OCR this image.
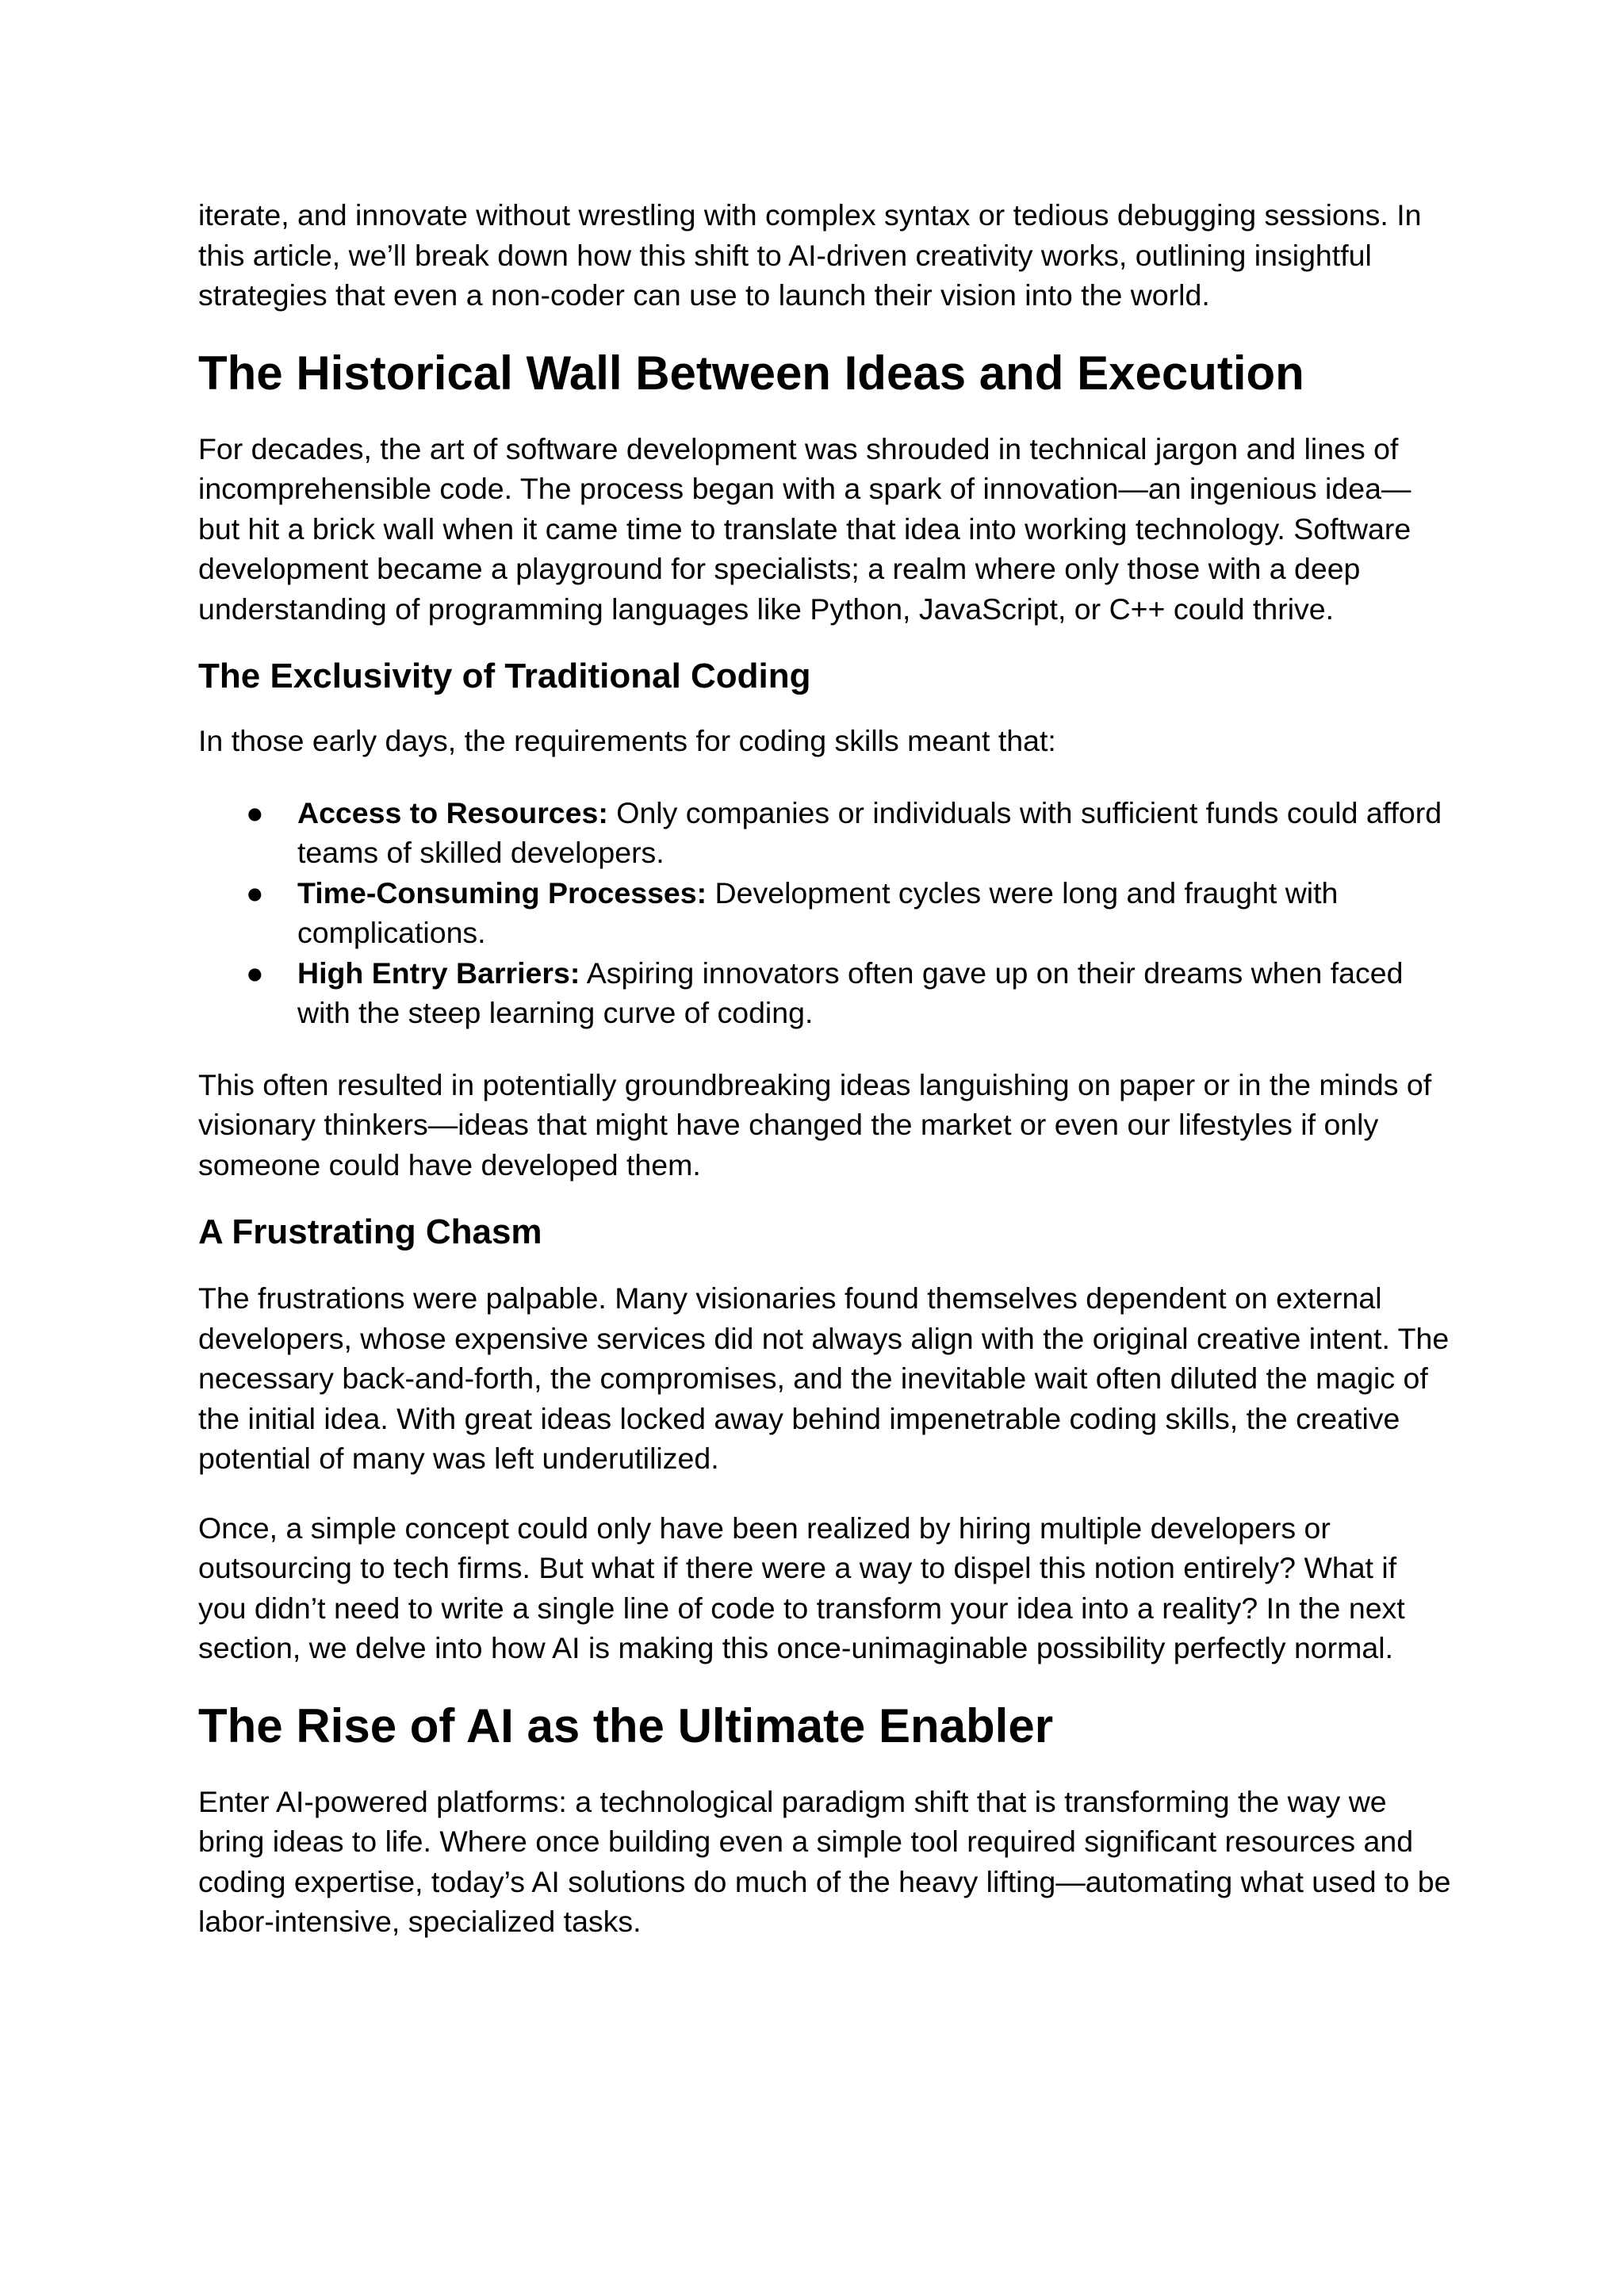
iterate, and innovate without wrestling with complex syntax or tedious debugging sessions. In this article, we’ll break down how this shift to AI-driven creativity works, outlining insightful strategies that even a non-coder can use to launch their vision into the world.

The Historical Wall Between Ideas and Execution

For decades, the art of software development was shrouded in technical jargon and lines of incomprehensible code. The process began with a spark of innovation—an ingenious idea—but hit a brick wall when it came time to translate that idea into working technology. Software development became a playground for specialists; a realm where only those with a deep understanding of programming languages like Python, JavaScript, or C++ could thrive.

The Exclusivity of Traditional Coding

In those early days, the requirements for coding skills meant that:

● Access to Resources: Only companies or individuals with sufficient funds could afford teams of skilled developers.
● Time-Consuming Processes: Development cycles were long and fraught with complications.
● High Entry Barriers: Aspiring innovators often gave up on their dreams when faced with the steep learning curve of coding.

This often resulted in potentially groundbreaking ideas languishing on paper or in the minds of visionary thinkers—ideas that might have changed the market or even our lifestyles if only someone could have developed them.

A Frustrating Chasm

The frustrations were palpable. Many visionaries found themselves dependent on external developers, whose expensive services did not always align with the original creative intent. The necessary back-and-forth, the compromises, and the inevitable wait often diluted the magic of the initial idea. With great ideas locked away behind impenetrable coding skills, the creative potential of many was left underutilized.

Once, a simple concept could only have been realized by hiring multiple developers or outsourcing to tech firms. But what if there were a way to dispel this notion entirely? What if you didn’t need to write a single line of code to transform your idea into a reality? In the next section, we delve into how AI is making this once-unimaginable possibility perfectly normal.

The Rise of AI as the Ultimate Enabler

Enter AI-powered platforms: a technological paradigm shift that is transforming the way we bring ideas to life. Where once building even a simple tool required significant resources and coding expertise, today’s AI solutions do much of the heavy lifting—automating what used to be labor-intensive, specialized tasks.
